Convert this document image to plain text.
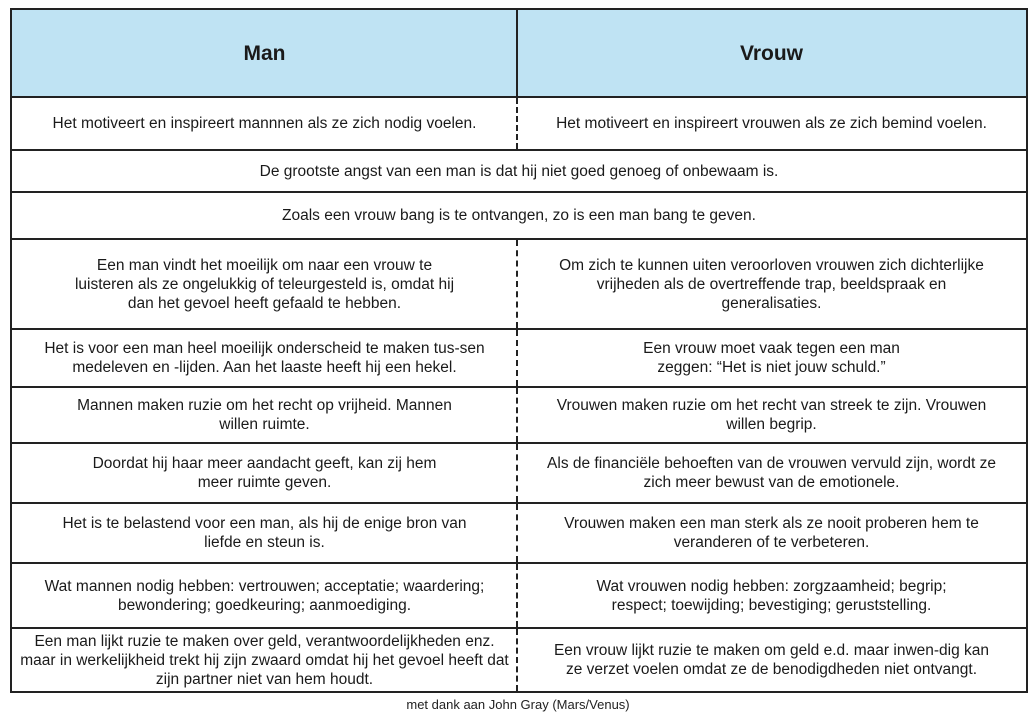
Man	Vrouw
Het motiveert en inspireert mannnen als ze zich nodig voelen.	Het motiveert en inspireert vrouwen als ze zich bemind voelen.
De grootste angst van een man is dat hij niet goed genoeg of onbewaam is.
Zoals een vrouw bang is te ontvangen, zo is een man bang te geven.
Een man vindt het moeilijk om naar een vrouw te luisteren als ze ongelukkig of teleurgesteld is, omdat hij dan het gevoel heeft gefaald te hebben.
Om zich te kunnen uiten veroorloven vrouwen zich dichterlijke vrijheden als de overtreffende trap, beeldspraak en generalisaties.
Het is voor een man heel moeilijk onderscheid te maken tus-sen medeleven en -lijden. Aan het laaste heeft hij een hekel.
Een vrouw moet vaak tegen een man zeggen: “Het is niet jouw schuld.”
Mannen maken ruzie om het recht op vrijheid. Mannen willen ruimte.
Vrouwen maken ruzie om het recht van streek te zijn. Vrouwen willen begrip.
Doordat hij haar meer aandacht geeft, kan zij hem meer ruimte geven.
Als de financiële behoeften van de vrouwen vervuld zijn, wordt ze zich meer bewust van de emotionele.
Het is te belastend voor een man, als hij de enige bron van liefde en steun is.
Vrouwen maken een man sterk als ze nooit proberen hem te veranderen of te verbeteren.
Wat mannen nodig hebben: vertrouwen; acceptatie; waardering; bewondering; goedkeuring; aanmoediging.
Wat vrouwen nodig hebben: zorgzaamheid; begrip; respect; toewijding; bevestiging; geruststelling.
Een man lijkt ruzie te maken over geld, verantwoordelijkheden enz. maar in werkelijkheid trekt hij zijn zwaard omdat hij het gevoel heeft dat zijn partner niet van hem houdt.
Een vrouw lijkt ruzie te maken om geld e.d. maar inwen-dig kan ze verzet voelen omdat ze de benodigdheden niet ontvangt.
met dank aan John Gray (Mars/Venus)
